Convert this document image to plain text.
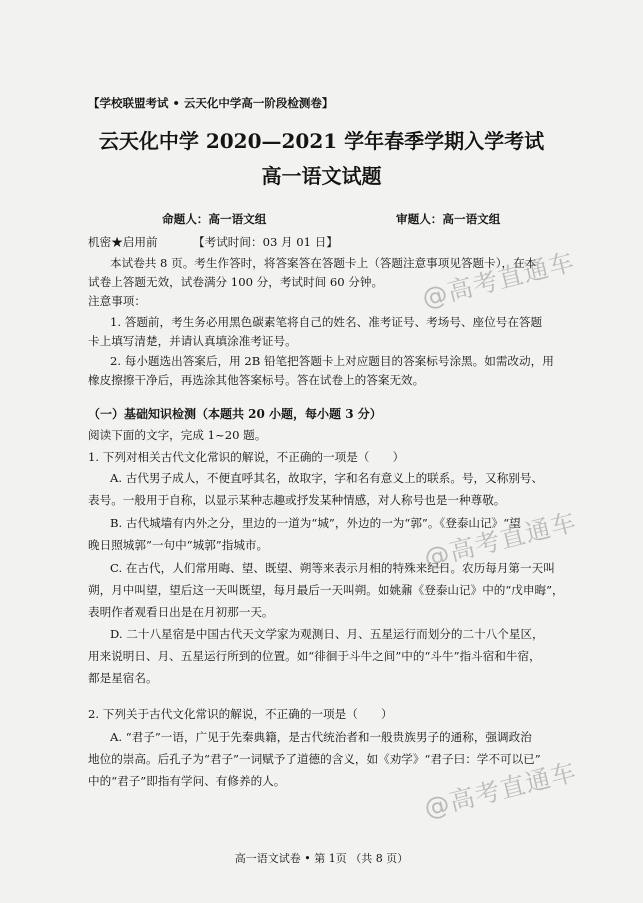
【学校联盟考试 • 云天化中学高一阶段检测卷】
云天化中学 2020—2021 学年春季学期入学考试
高一语文试题
命题人：高一语文组	审题人：高一语文组
机密★启用前	【考试时间：03 月 01 日】
本试卷共 8 页。考生作答时，将答案答在答题卡上（答题注意事项见答题卡），在本
试卷上答题无效，试卷满分 100 分，考试时间 60 分钟。
注意事项：
1. 答题前，考生务必用黑色碳素笔将自己的姓名、准考证号、考场号、座位号在答题
卡上填写清楚，并请认真填涂准考证号。
2. 每小题选出答案后，用 2B 铅笔把答题卡上对应题目的答案标号涂黑。如需改动，用
橡皮擦擦干净后，再选涂其他答案标号。答在试卷上的答案无效。
（一）基础知识检测（本题共 20 小题，每小题 3 分）
阅读下面的文字，完成 1~20 题。
1. 下列对相关古代文化常识的解说，不正确的一项是（　　）
A. 古代男子成人，不便直呼其名，故取字，字和名有意义上的联系。号，又称别号、
表号。一般用于自称，以显示某种志趣或抒发某种情感，对人称号也是一种尊敬。
B. 古代城墙有内外之分，里边的一道为“城”，外边的一为“郭”。《登泰山记》“望
晚日照城郭”一句中“城郭”指城市。
C. 在古代，人们常用晦、望、既望、朔等来表示月相的特殊来纪日。农历每月第一天叫
朔，月中叫望，望后这一天叫既望，每月最后一天叫朔。如姚鼐《登泰山记》中的“戊申晦”，
表明作者观看日出是在月初那一天。
D. 二十八星宿是中国古代天文学家为观测日、月、五星运行而划分的二十八个星区，
用来说明日、月、五星运行所到的位置。如“徘徊于斗牛之间”中的“斗牛”指斗宿和牛宿，
都是星宿名。
2. 下列关于古代文化常识的解说，不正确的一项是（　　）
A. “君子”一语，广见于先秦典籍，是古代统治者和一般贵族男子的通称，强调政治
地位的崇高。后孔子为“君子”一词赋予了道德的含义，如《劝学》“君子曰：学不可以已”
中的“君子”即指有学问、有修养的人。
高一语文试卷 • 第 1页 （共 8 页）
@高考直通车
@高考直通车
@高考直通车
